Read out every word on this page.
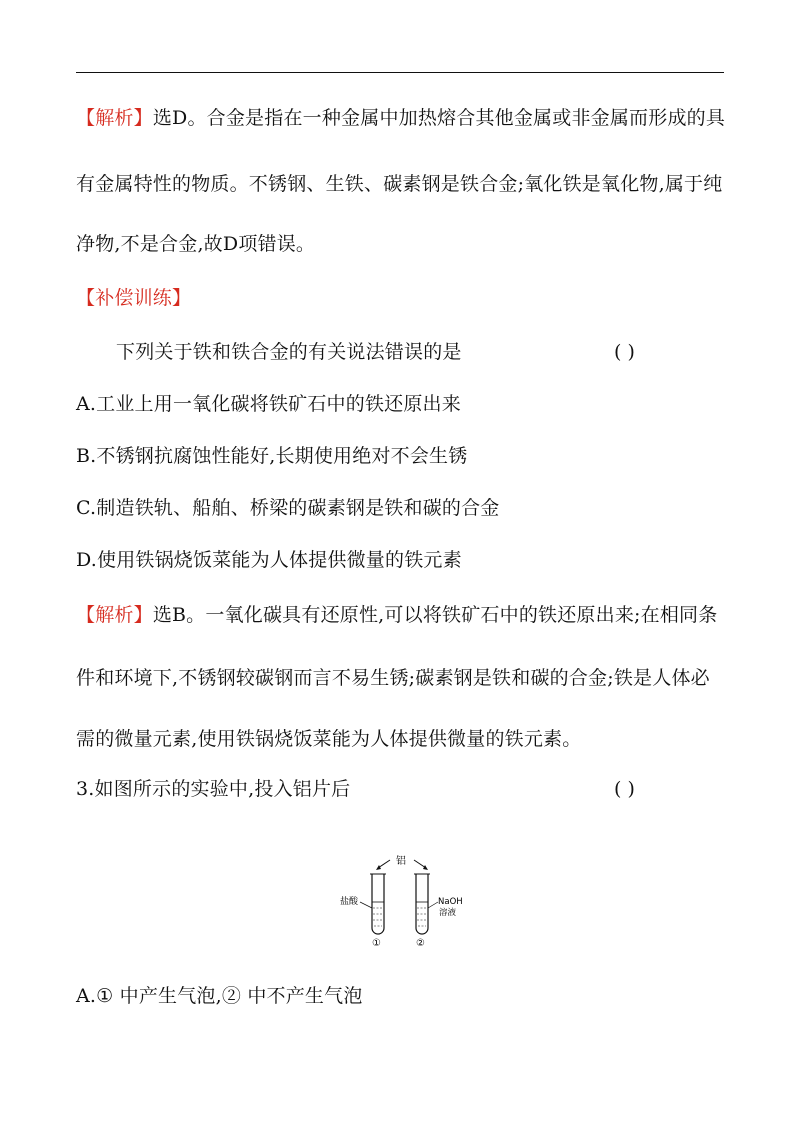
【解析】选D。合金是指在一种金属中加热熔合其他金属或非金属而形成的具
有金属特性的物质。不锈钢、生铁、碳素钢是铁合金;氧化铁是氧化物,属于纯
净物,不是合金,故D项错误。
【补偿训练】
下列关于铁和铁合金的有关说法错误的是	( )
A.工业上用一氧化碳将铁矿石中的铁还原出来
B.不锈钢抗腐蚀性能好,长期使用绝对不会生锈
C.制造铁轨、船舶、桥梁的碳素钢是铁和碳的合金
D.使用铁锅烧饭菜能为人体提供微量的铁元素
【解析】选B。一氧化碳具有还原性,可以将铁矿石中的铁还原出来;在相同条
件和环境下,不锈钢较碳钢而言不易生锈;碳素钢是铁和碳的合金;铁是人体必
需的微量元素,使用铁锅烧饭菜能为人体提供微量的铁元素。
3.如图所示的实验中,投入铝片后	( )
铝
盐酸
①
NaOH
溶液
②
A.① 中产生气泡,② 中不产生气泡
